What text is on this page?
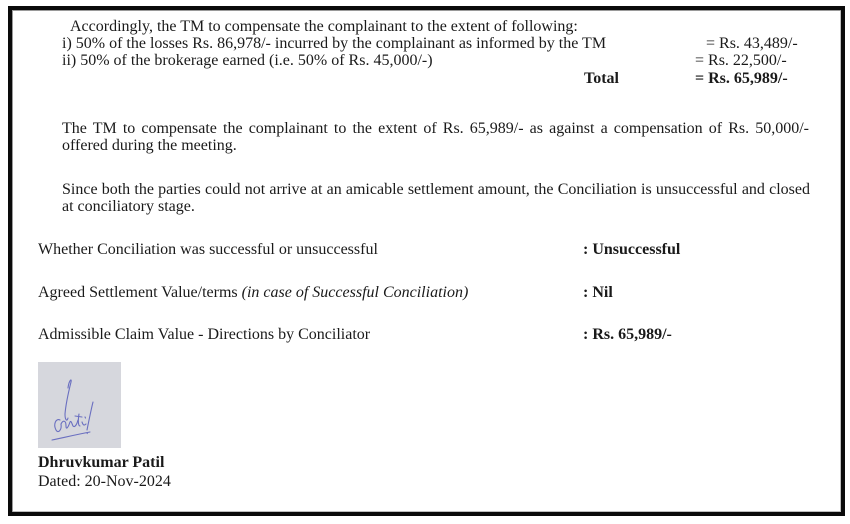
Accordingly, the TM to compensate the complainant to the extent of following:
i) 50% of the losses Rs. 86,978/- incurred by the complainant as informed by the TM	= Rs. 43,489/-
ii) 50% of the brokerage earned (i.e. 50% of Rs. 45,000/-)	= Rs. 22,500/-
Total	= Rs. 65,989/-
The TM to compensate the complainant to the extent of Rs. 65,989/- as against a compensation of Rs. 50,000/- offered during the meeting.
Since both the parties could not arrive at an amicable settlement amount, the Conciliation is unsuccessful and closed at conciliatory stage.
Whether Conciliation was successful or unsuccessful	: Unsuccessful
Agreed Settlement Value/terms (in case of Successful Conciliation)	: Nil
Admissible Claim Value - Directions by Conciliator	: Rs. 65,989/-
Dhruvkumar Patil
Dated: 20-Nov-2024
